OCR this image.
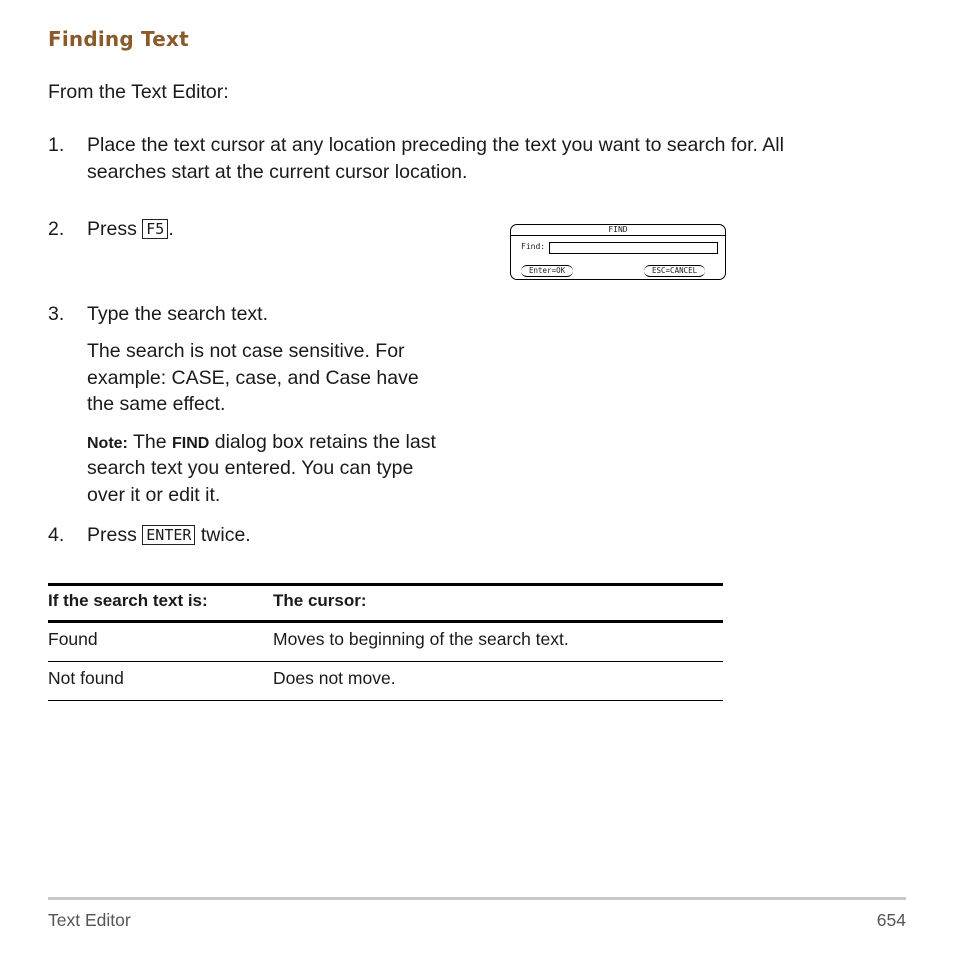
Finding Text
From the Text Editor:
1. Place the text cursor at any location preceding the text you want to search for. All
searches start at the current cursor location.
2. Press F5 .	FIND
Find:
Enter=OK	ESC=CANCEL
3. Type the search text.
The search is not case sensitive. For
example: CASE, case, and Case have
the same effect.
Note: The FIND dialog box retains the last
search text you entered. You can type
over it or edit it.
4. Press ENTER twice.
If the search text is:	The cursor:
Found	Moves to beginning of the search text.
Not found	Does not move.
Text Editor	654
